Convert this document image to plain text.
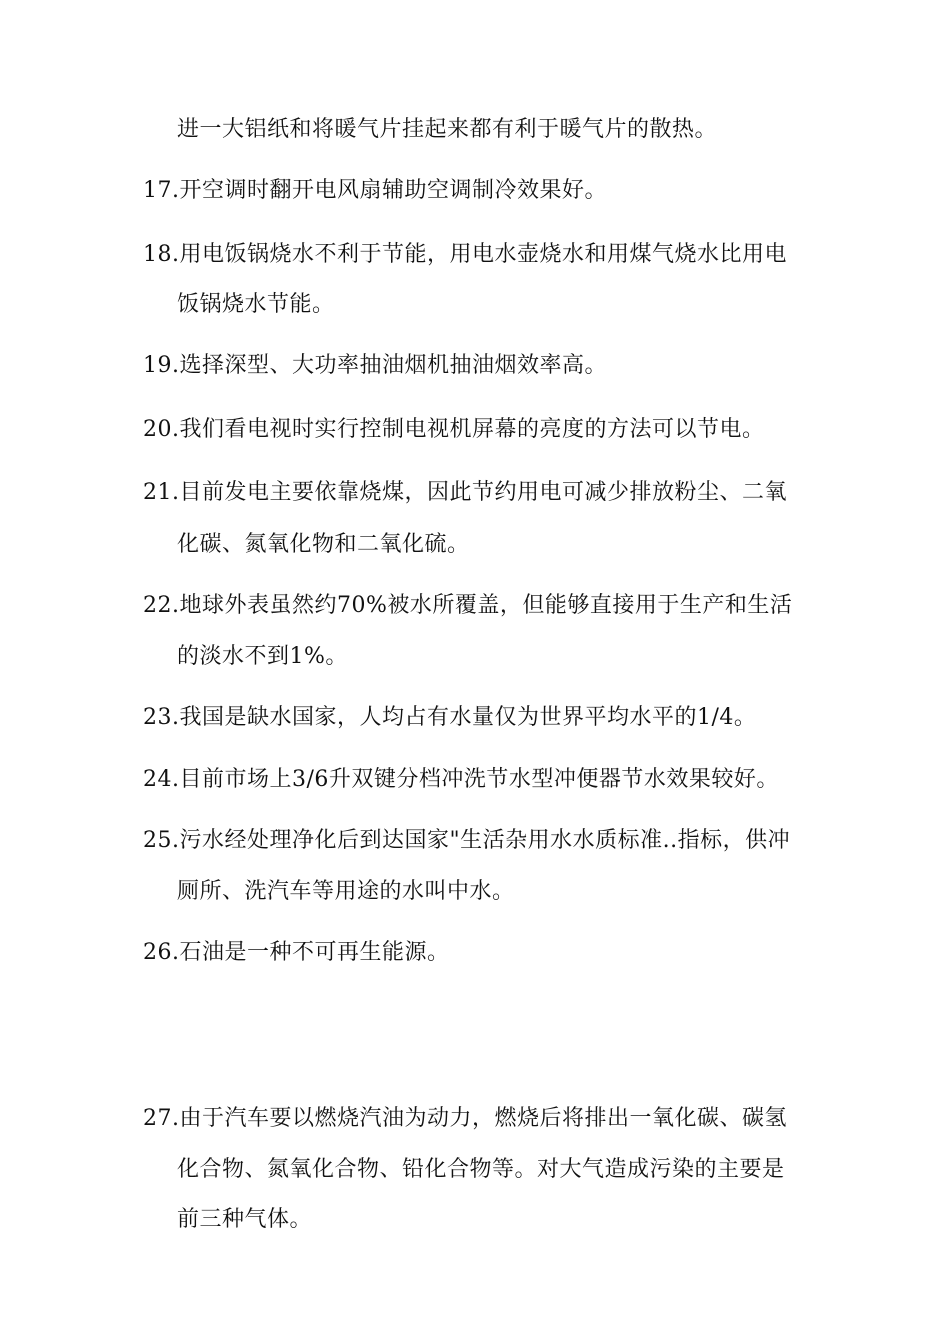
进一大铝纸和将暖气片挂起来都有利于暖气片的散热。
17.开空调时翻开电风扇辅助空调制冷效果好。
18.用电饭锅烧水不利于节能，用电水壶烧水和用煤气烧水比用电
饭锅烧水节能。
19.选择深型、大功率抽油烟机抽油烟效率高。
20.我们看电视时实行控制电视机屏幕的亮度的方法可以节电。
21.目前发电主要依靠烧煤，因此节约用电可减少排放粉尘、二氧
化碳、氮氧化物和二氧化硫。
22.地球外表虽然约70%被水所覆盖，但能够直接用于生产和生活
的淡水不到1%。
23.我国是缺水国家，人均占有水量仅为世界平均水平的1/4。
24.目前市场上3/6升双键分档冲洗节水型冲便器节水效果较好。
25.污水经处理净化后到达国家"生活杂用水水质标准..指标，供冲
厕所、洗汽车等用途的水叫中水。
26.石油是一种不可再生能源。
27.由于汽车要以燃烧汽油为动力，燃烧后将排出一氧化碳、碳氢
化合物、氮氧化合物、铅化合物等。对大气造成污染的主要是
前三种气体。
